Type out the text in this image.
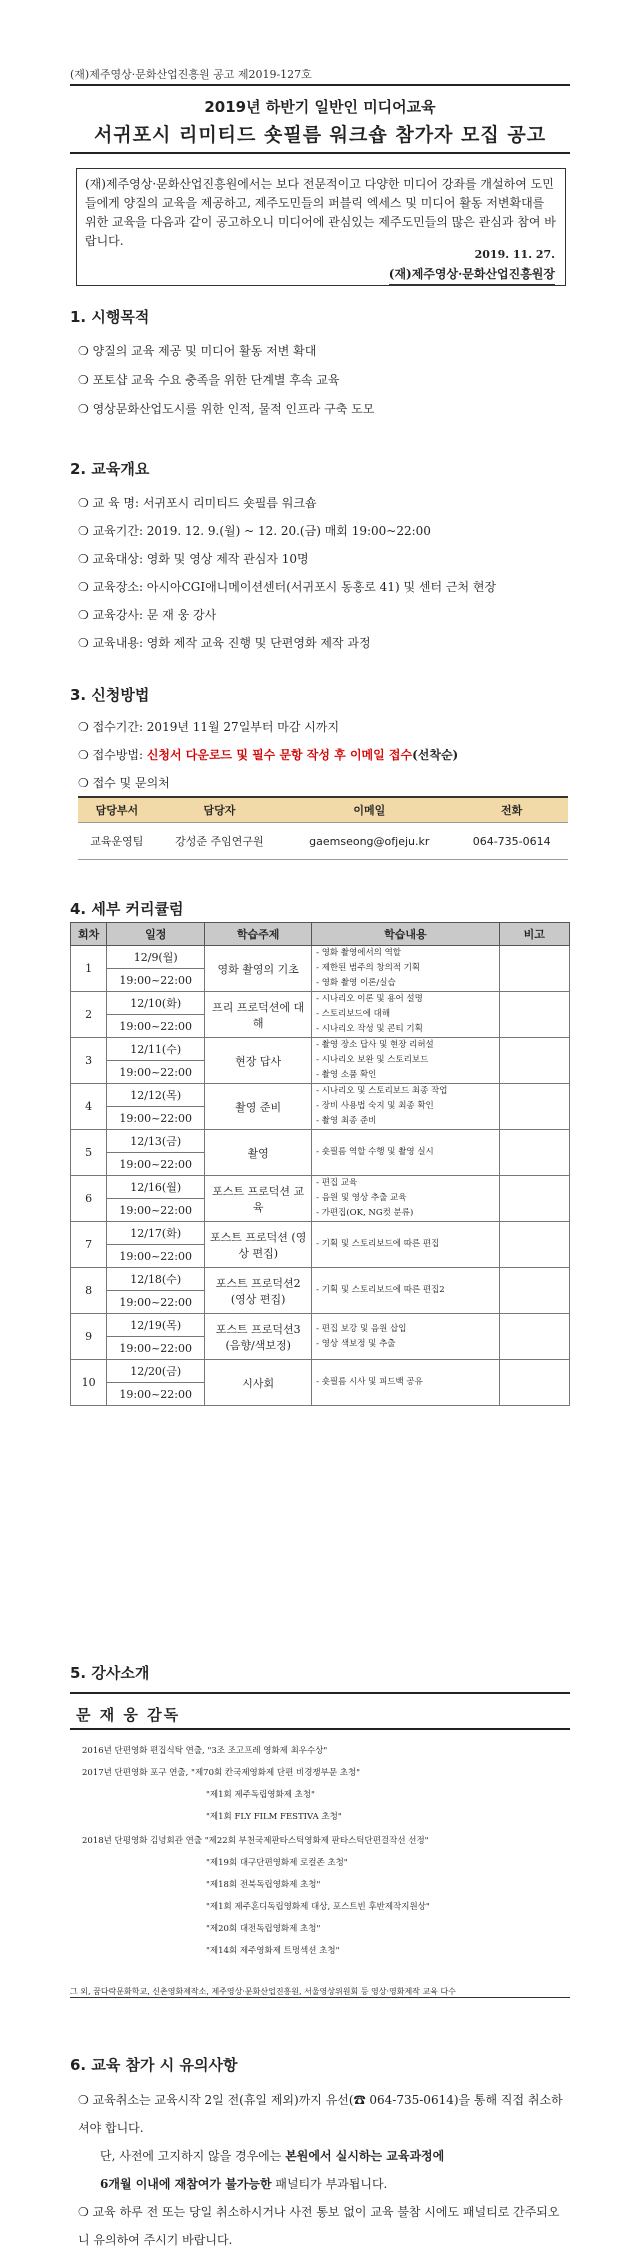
(재)제주영상·문화산업진흥원 공고 제2019-127호
2019년 하반기 일반인 미디어교육
서귀포시 리미티드 숏필름 워크숍 참가자 모집 공고
(재)제주영상·문화산업진흥원에서는 보다 전문적이고 다양한 미디어 강좌를 개설하여 도민들에게 양질의 교육을 제공하고, 제주도민들의 퍼블릭 엑세스 및 미디어 활동 저변확대를 위한 교육을 다음과 같이 공고하오니 미디어에 관심있는 제주도민들의 많은 관심과 참여 바랍니다.
2019. 11. 27.
(재)제주영상·문화산업진흥원장
1. 시행목적
❍ 양질의 교육 제공 및 미디어 활동 저변 확대
❍ 포토샵 교육 수요 충족을 위한 단계별 후속 교육
❍ 영상문화산업도시를 위한 인적, 물적 인프라 구축 도모
2. 교육개요
❍ 교 육 명: 서귀포시 리미티드 숏필름 워크숍
❍ 교육기간: 2019. 12. 9.(월) ~ 12. 20.(금) 매회 19:00~22:00
❍ 교육대상: 영화 및 영상 제작 관심자 10명
❍ 교육장소: 아시아CGI애니메이션센터(서귀포시 동홍로 41) 및 센터 근처 현장
❍ 교육강사: 문 재 웅 강사
❍ 교육내용: 영화 제작 교육 진행 및 단편영화 제작 과정
3. 신청방법
❍ 접수기간: 2019년 11월 27일부터 마감 시까지
❍ 접수방법: 신청서 다운로드 및 필수 문항 작성 후 이메일 접수(선착순)
❍ 접수 및 문의처
담당부서	담당자	이메일	전화
교육운영팀	강성준 주임연구원	gaemseong@ofjeju.kr	064-735-0614
4. 세부 커리큘럼
회차	일정	학습주제	학습내용	비고
1	12/9(월)	영화 촬영의 기초	- 영화 촬영에서의 역할
- 제한된 범주의 창의적 기획
- 영화 촬영 이론/실습	

	19:00~22:00			
2	12/10(화)	프리 프로덕션에 대해	- 시나리오 이론 및 용어 설명
- 스토리보드에 대해
- 시나리오 작성 및 콘티 기획	

	19:00~22:00			
3	12/11(수)	현장 답사	- 촬영 장소 답사 및 현장 리허설
- 시나리오 보완 및 스토리보드
- 촬영 소품 확인	

	19:00~22:00			
4	12/12(목)	촬영 준비	- 시나리오 및 스토리보드 최종 작업
- 장비 사용법 숙지 및 최종 확인
- 촬영 최종 준비	

	19:00~22:00			
5	12/13(금)	촬영	- 숏필름 역할 수행 및 촬영 실시	

	19:00~22:00			
6	12/16(월)	포스트 프로덕션 교육	- 편집 교육
- 음원 및 영상 추출 교육
- 가편집(OK, NG컷 분류)	

	19:00~22:00			
7	12/17(화)	포스트 프로덕션 (영상 편집)	- 기획 및 스토리보드에 따른 편집	

	19:00~22:00			
8	12/18(수)	포스트 프로덕션2 (영상 편집)	- 기획 및 스토리보드에 따른 편집2	

	19:00~22:00			
9	12/19(목)	포스트 프로덕션3 (음향/색보정)	- 편집 보강 및 음원 삽입
- 영상 색보정 및 추출	

	19:00~22:00			
10	12/20(금)	시사회	- 숏필름 시사 및 피드백 공유	

	19:00~22:00			
5. 강사소개
문 재 웅 감독
2016년 단편영화 편집식탁 연출, "3조 조고프레 영화제 최우수상"
2017년 단편영화 포구 연출, "제70회 칸국제영화제 단편 비경쟁부문 초청"
"제1회 제주독립영화제 초청"
"제1회 FLY FILM FESTIVA 초청"
2018년 단평영화 김녕회관 연출 "제22회 부천국제판타스틱영화제 판타스틱단편걸작선 선정"
"제19회 대구단편영화제 로컬존 초청"
"제18회 전북독립영화제 초청"
"제1회 제주혼디독립영화제 대상, 포스트빈 후반제작지원상"
"제20회 대전독립영화제 초청"
"제14회 제주영화제 트멍섹션 초청"
그 외, 꿈다락문화학교, 신촌영화제작소, 제주영상·문화산업진흥원, 서울영상위원회 등 영상·영화제작 교육 다수
6. 교육 참가 시 유의사항
❍ 교육취소는 교육시작 2일 전(휴일 제외)까지 유선(☎ 064-735-0614)을 통해 직접 취소하셔야 합니다.
단, 사전에 고지하지 않을 경우에는 본원에서 실시하는 교육과정에
6개월 이내에 재참여가 불가능한 패널티가 부과됩니다.
❍ 교육 하루 전 또는 당일 취소하시거나 사전 통보 없이 교육 불참 시에도 패널티로 간주되오니 유의하여 주시기 바랍니다.
